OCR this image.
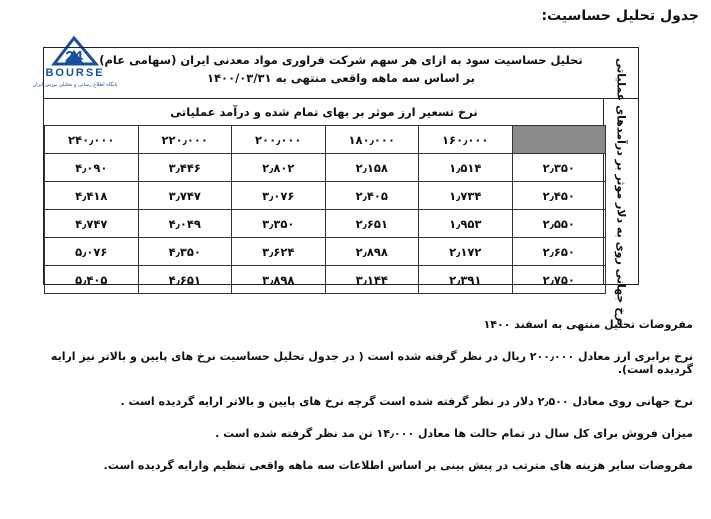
جدول تحلیل حساسیت:
24
BOURSE
پایگاه اطلاع رسانی و تحلیلی بورس ایران
تحلیل حساسیت سود به ازای هر سهم شرکت فراوری مواد معدنی ایران (سهامی عام)
بر اساس سه ماهه واقعی منتهی به ۱۴۰۰/۰۳/۳۱	نرخ جهانی روی به دلار موثر بر درآمدهای عملیاتی
نرخ تسعیر ارز موثر بر بهای تمام شده و درآمد عملیاتی
	۱۶۰٫۰۰۰	۱۸۰٫۰۰۰	۲۰۰٫۰۰۰	۲۲۰٫۰۰۰	۲۴۰٫۰۰۰
۲٫۳۵۰	۱٫۵۱۴	۲٫۱۵۸	۲٫۸۰۲	۳٫۴۴۶	۴٫۰۹۰
۲٫۴۵۰	۱٫۷۳۴	۲٫۴۰۵	۳٫۰۷۶	۳٫۷۴۷	۴٫۴۱۸
۲٫۵۵۰	۱٫۹۵۳	۲٫۶۵۱	۳٫۳۵۰	۴٫۰۴۹	۴٫۷۴۷
۲٫۶۵۰	۲٫۱۷۲	۲٫۸۹۸	۳٫۶۲۴	۴٫۳۵۰	۵٫۰۷۶
۲٫۷۵۰	۲٫۳۹۱	۳٫۱۴۴	۳٫۸۹۸	۴٫۶۵۱	۵٫۴۰۵
مفروضات تحلیل منتهی به اسفند ۱۴۰۰
نرخ برابری ارز معادل ۲۰۰٫۰۰۰ ریال در نظر گرفته شده است ( در جدول تحلیل حساسیت نرخ های پایین و بالاتر نیز ارایه گردیده است).
نرخ جهانی روی معادل ۲٫۵۰۰ دلار در نظر گرفته شده است گرچه نرخ های پایین و بالاتر ارایه گردیده است .
میزان فروش برای کل سال در تمام حالت ها معادل ۱۴٫۰۰۰ تن مد نظر گرفته شده است .
مفروضات سایر هزینه های مترتب در پیش بینی بر اساس اطلاعات سه ماهه واقعی تنظیم وارایه گردیده است.
